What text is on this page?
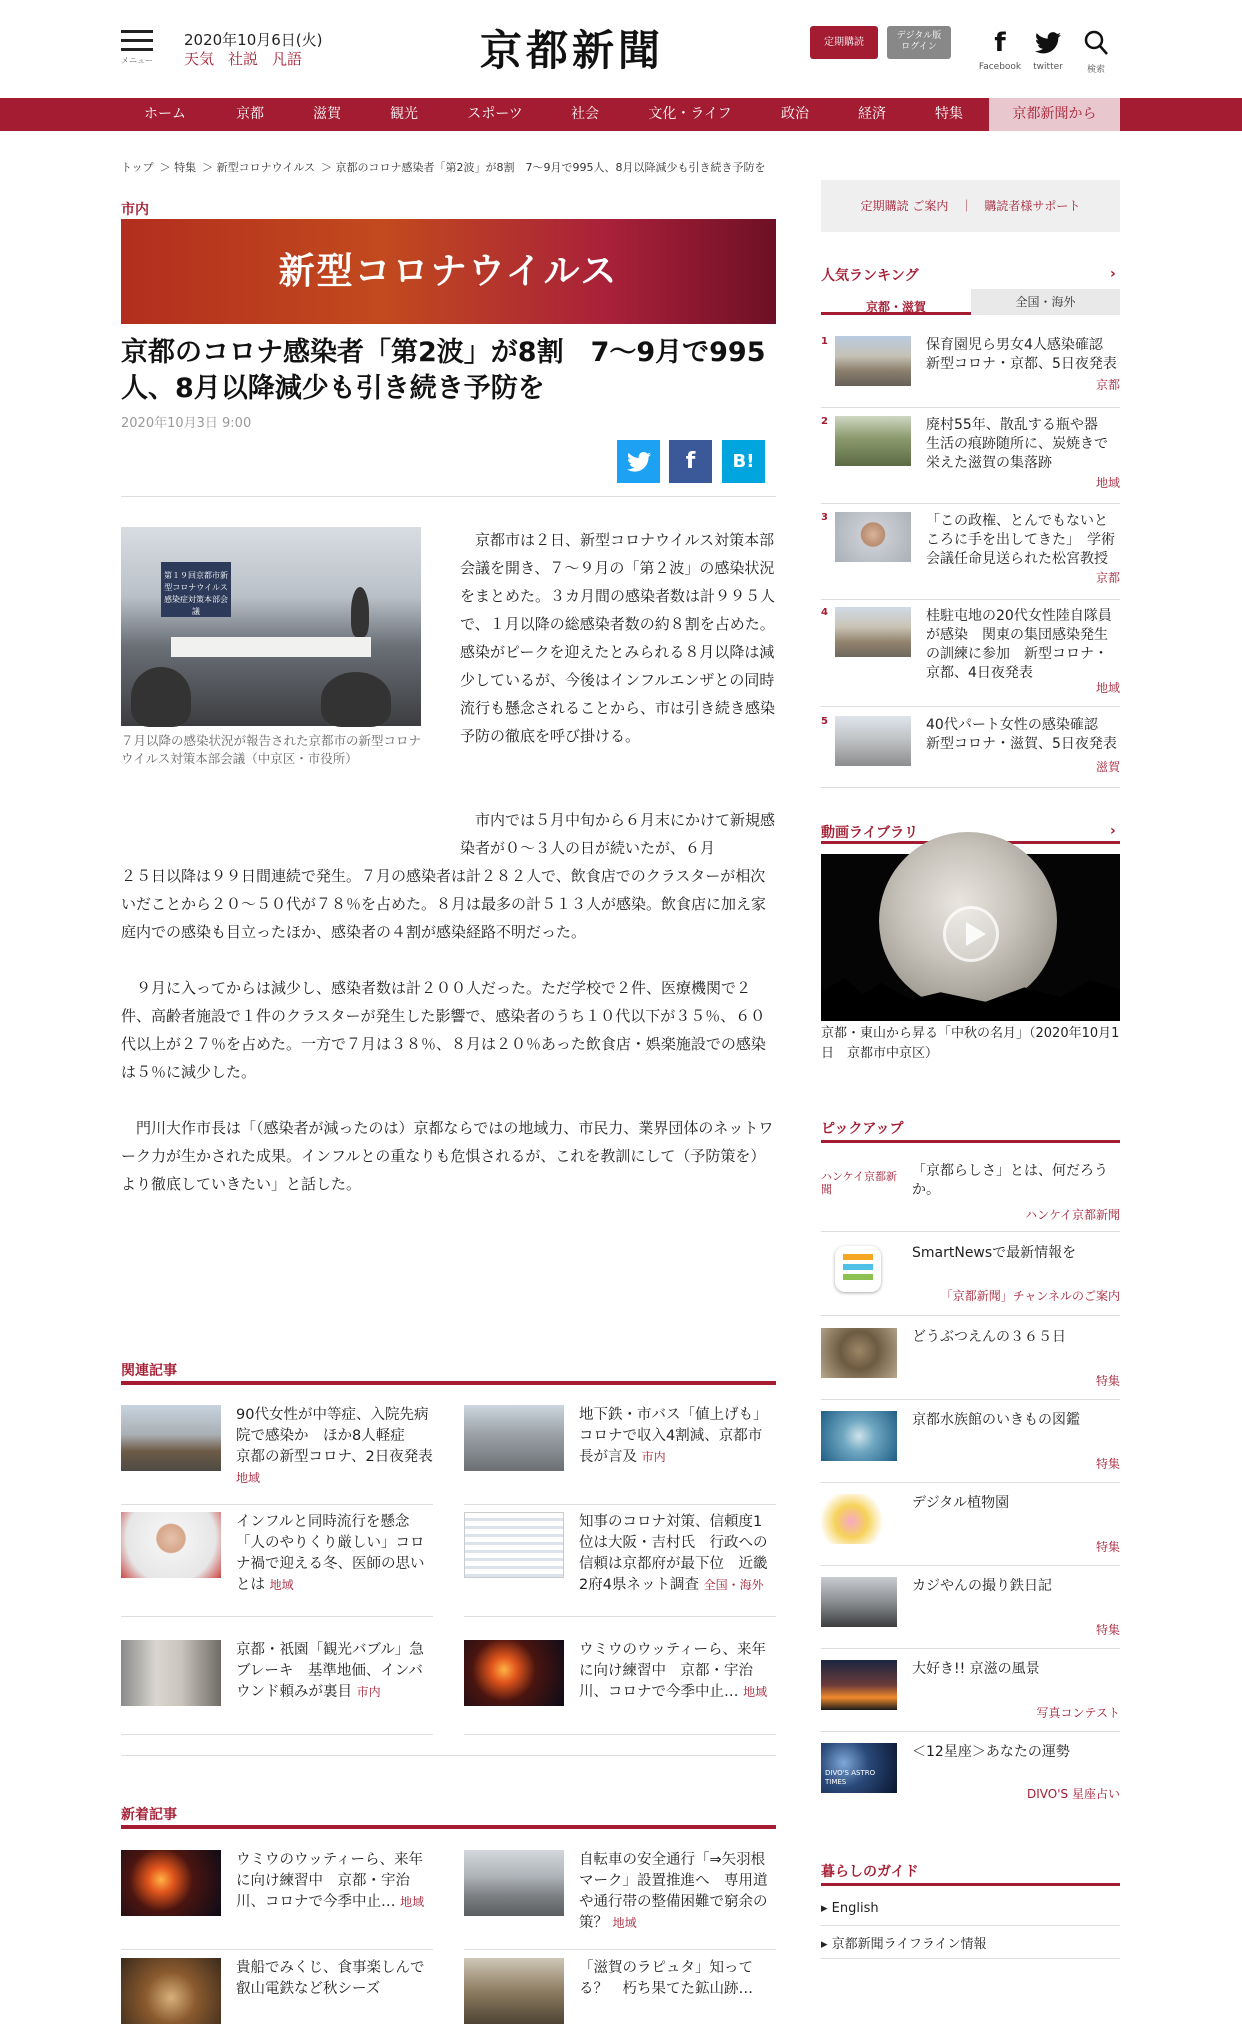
メニュー
2020年10月6日(火)
天気 社説 凡語	京都新聞	定期購読
デジタル版
ログイン	f
Facebook	twitter	検索
ホーム	京都	滋賀	観光	スポーツ	社会	文化・ライフ	政治	経済	特集	京都新聞から
トップ ＞ 特集 ＞ 新型コロナウイルス ＞ 京都のコロナ感染者「第2波」が8割　7～9月で995人、8月以降減少も引き続き予防を
市内
新型コロナウイルス
京都のコロナ感染者「第2波」が8割　7～9月で995人、8月以降減少も引き続き予防を
2020年10月3日 9:00
f	B!
第１９回京都市新型コロナウイルス感染症対策本部会議
７月以降の感染状況が報告された京都市の新型コロナウイルス対策本部会議（中京区・市役所）
　京都市は２日、新型コロナウイルス対策本部会議を開き、７～９月の「第２波」の感染状況をまとめた。３カ月間の感染者数は計９９５人で、１月以降の総感染者数の約８割を占めた。感染がピークを迎えたとみられる８月以降は減少しているが、今後はインフルエンザとの同時流行も懸念されることから、市は引き続き感染予防の徹底を呼び掛ける。
　市内では５月中旬から６月末にかけて新規感染者が０～３人の日が続いたが、６月
２５日以降は９９日間連続で発生。７月の感染者は計２８２人で、飲食店でのクラスターが相次いだことから２０～５０代が７８％を占めた。８月は最多の計５１３人が感染。飲食店に加え家庭内での感染も目立ったほか、感染者の４割が感染経路不明だった。
　９月に入ってからは減少し、感染者数は計２００人だった。ただ学校で２件、医療機関で２件、高齢者施設で１件のクラスターが発生した影響で、感染者のうち１０代以下が３５％、６０代以上が２７％を占めた。一方で７月は３８％、８月は２０％あった飲食店・娯楽施設での感染は５％に減少した。
　門川大作市長は「（感染者が減ったのは）京都ならではの地域力、市民力、業界団体のネットワーク力が生かされた成果。インフルとの重なりも危惧されるが、これを教訓にして（予防策を）より徹底していきたい」と話した。
関連記事
90代女性が中等症、入院先病院で感染か　ほか8人軽症　京都の新型コロナ、2日夜発表 地域
地下鉄・市バス「値上げも」　コロナで収入4割減、京都市長が言及 市内
インフルと同時流行を懸念　「人のやりくり厳しい」コロナ禍で迎える冬、医師の思いとは 地域
知事のコロナ対策、信頼度1位は大阪・吉村氏　行政への信頼は京都府が最下位　近畿2府4県ネット調査 全国・海外
京都・祇園「観光バブル」急ブレーキ　基準地価、インバウンド頼みが裏目 市内
ウミウのウッティーら、来年に向け練習中　京都・宇治川、コロナで今季中止… 地域
新着記事
ウミウのウッティーら、来年に向け練習中　京都・宇治川、コロナで今季中止… 地域
自転車の安全通行「⇒矢羽根マーク」設置推進へ　専用道や通行帯の整備困難で窮余の策？ 地域
貴船でみくじ、食事楽しんで　叡山電鉄など秋シーズ
「滋賀のラピュタ」知ってる？　朽ち果てた鉱山跡…
定期購読 ご案内　｜　購読者様サポート
人気ランキング	›
京都・滋賀	全国・海外
1	保育園児ら男女4人感染確認　新型コロナ・京都、5日夜発表
京都
2	廃村55年、散乱する瓶や器　生活の痕跡随所に、炭焼きで栄えた滋賀の集落跡
地域
3	「この政権、とんでもないところに手を出してきた」　学術会議任命見送られた松宮教授
京都
4	桂駐屯地の20代女性陸自隊員が感染　関東の集団感染発生の訓練に参加　新型コロナ・京都、4日夜発表
地域
5	40代パート女性の感染確認　新型コロナ・滋賀、5日夜発表
滋賀
動画ライブラリ	›
京都・東山から昇る「中秋の名月」（2020年10月1日　京都市中京区）
ピックアップ
ハンケイ京都新聞
「京都らしさ」とは、何だろうか。
ハンケイ京都新聞
SmartNewsで最新情報を
「京都新聞」チャンネルのご案内
どうぶつえんの３６５日
特集
京都水族館のいきもの図鑑
特集
デジタル植物園
特集
カジやんの撮り鉄日記
特集
大好き!! 京滋の風景
写真コンテスト
DIVO'S ASTRO TIMES
＜12星座＞あなたの運勢
DIVO'S 星座占い
暮らしのガイド
▸ English
▸ 京都新聞ライフライン情報
